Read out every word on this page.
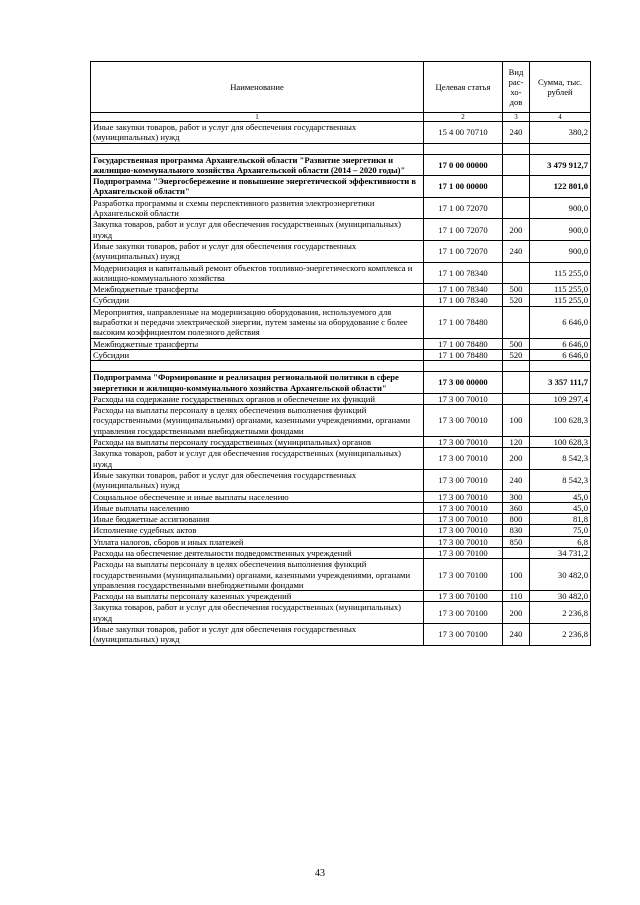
Наименование	Целевая статья	Вид рас-хо-дов	Сумма, тыс. рублей
1	2	3	4
Иные закупки товаров, работ и услуг для обеспечения государственных (муниципальных) нужд	15 4 00 70710	240	380,2

Государственная программа Архангельской области "Развитие энергетики и жилищно-коммунального хозяйства Архангельской области (2014 – 2020 годы)"	17 0 00 00000		3 479 912,7
Подпрограмма "Энергосбережение и повышение энергетической эффективности в Архангельской области"	17 1 00 00000		122 801,0
Разработка программы и схемы перспективного развития электроэнергетики Архангельской области	17 1 00 72070		900,0
Закупка товаров, работ и услуг для обеспечения государственных (муниципальных) нужд	17 1 00 72070	200	900,0
Иные закупки товаров, работ и услуг для обеспечения государственных (муниципальных) нужд	17 1 00 72070	240	900,0
Модернизация и капитальный ремонт объектов топливно-энергетического комплекса и жилищно-коммунального хозяйства	17 1 00 78340		115 255,0
Межбюджетные трансферты	17 1 00 78340	500	115 255,0
Субсидии	17 1 00 78340	520	115 255,0
Мероприятия, направленные на модернизацию оборудования, используемого для выработки и передачи электрической энергии, путем замены на оборудование с более высоким коэффициентом полезного действия	17 1 00 78480		6 646,0
Межбюджетные трансферты	17 1 00 78480	500	6 646,0
Субсидии	17 1 00 78480	520	6 646,0

Подпрограмма "Формирование и реализация региональной политики в сфере энергетики и жилищно-коммунального хозяйства Архангельской области"	17 3 00 00000		3 357 111,7
Расходы на содержание государственных органов и обеспечение их функций	17 3 00 70010		109 297,4
Расходы на выплаты персоналу в целях обеспечения выполнения функций государственными (муниципальными) органами, казенными учреждениями, органами управления государственными внебюджетными фондами	17 3 00 70010	100	100 628,3
Расходы на выплаты персоналу государственных (муниципальных) органов	17 3 00 70010	120	100 628,3
Закупка товаров, работ и услуг для обеспечения государственных (муниципальных) нужд	17 3 00 70010	200	8 542,3
Иные закупки товаров, работ и услуг для обеспечения государственных (муниципальных) нужд	17 3 00 70010	240	8 542,3
Социальное обеспечение и иные выплаты населению	17 3 00 70010	300	45,0
Иные выплаты населению	17 3 00 70010	360	45,0
Иные бюджетные ассигнования	17 3 00 70010	800	81,8
Исполнение судебных актов	17 3 00 70010	830	75,0
Уплата налогов, сборов и иных платежей	17 3 00 70010	850	6,8
Расходы на обеспечение деятельности подведомственных учреждений	17 3 00 70100		34 731,2
Расходы на выплаты персоналу в целях обеспечения выполнения функций государственными (муниципальными) органами, казенными учреждениями, органами управления государственными внебюджетными фондами	17 3 00 70100	100	30 482,0
Расходы на выплаты персоналу казенных учреждений	17 3 00 70100	110	30 482,0
Закупка товаров, работ и услуг для обеспечения государственных (муниципальных) нужд	17 3 00 70100	200	2 236,8
Иные закупки товаров, работ и услуг для обеспечения государственных (муниципальных) нужд	17 3 00 70100	240	2 236,8
43
